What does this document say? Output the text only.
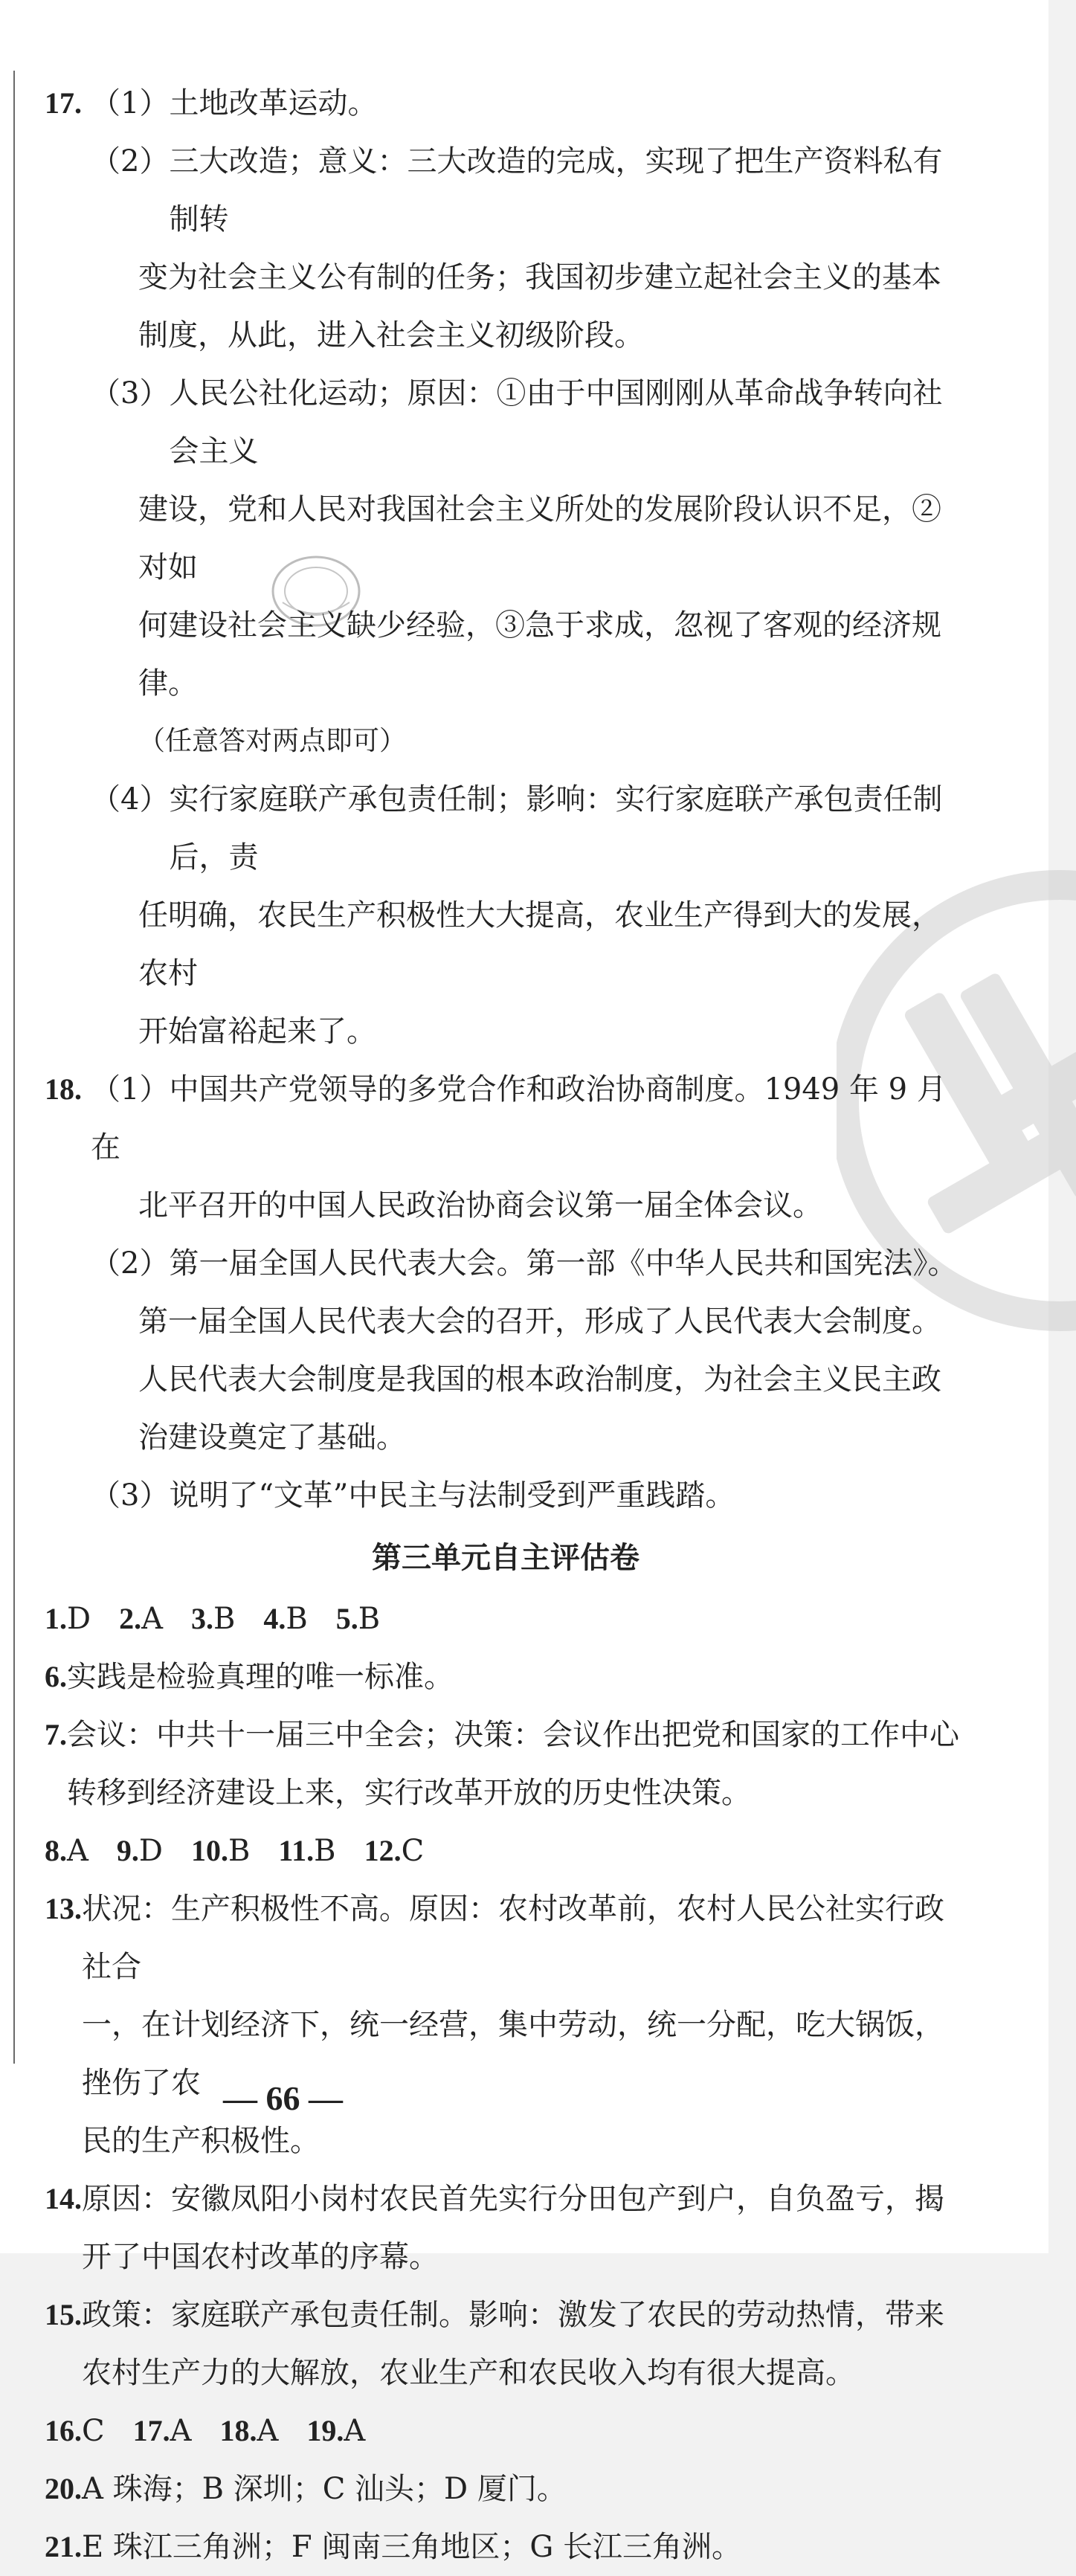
17. （1）土地改革运动。
（2） 三大改造；意义：三大改造的完成，实现了把生产资料私有制转
变为社会主义公有制的任务；我国初步建立起社会主义的基本
制度，从此，进入社会主义初级阶段。
（3） 人民公社化运动；原因：①由于中国刚刚从革命战争转向社会主义
建设，党和人民对我国社会主义所处的发展阶段认识不足，②对如
何建设社会主义缺少经验，③急于求成，忽视了客观的经济规律。
（任意答对两点即可）
（4） 实行家庭联产承包责任制；影响：实行家庭联产承包责任制后，责
任明确，农民生产积极性大大提高，农业生产得到大的发展，农村
开始富裕起来了。
18. （1）中国共产党领导的多党合作和政治协商制度。1949 年 9 月在
北平召开的中国人民政治协商会议第一届全体会议。
（2） 第一届全国人民代表大会。第一部《中华人民共和国宪法》。
第一届全国人民代表大会的召开，形成了人民代表大会制度。
人民代表大会制度是我国的根本政治制度，为社会主义民主政
治建设奠定了基础。
（3）说明了“文革”中民主与法制受到严重践踏。
第三单元自主评估卷
1.D 2.A 3.B 4.B 5.B
6. 实践是检验真理的唯一标准。
7. 会议：中共十一届三中全会；决策：会议作出把党和国家的工作中心
转移到经济建设上来，实行改革开放的历史性决策。
8.A 9.D 10.B 11.B 12.C
13. 状况：生产积极性不高。原因：农村改革前，农村人民公社实行政社合
一，在计划经济下，统一经营，集中劳动，统一分配，吃大锅饭，挫伤了农
民的生产积极性。
14. 原因：安徽凤阳小岗村农民首先实行分田包产到户，自负盈亏，揭
开了中国农村改革的序幕。
15. 政策：家庭联产承包责任制。影响：激发了农民的劳动热情，带来
农村生产力的大解放，农业生产和农民收入均有很大提高。
16.C 17.A 18.A 19.A
20. A 珠海；B 深圳；C 汕头；D 厦门。
21. E 珠江三角洲；F 闽南三角地区；G 长江三角洲。
— 66 —
